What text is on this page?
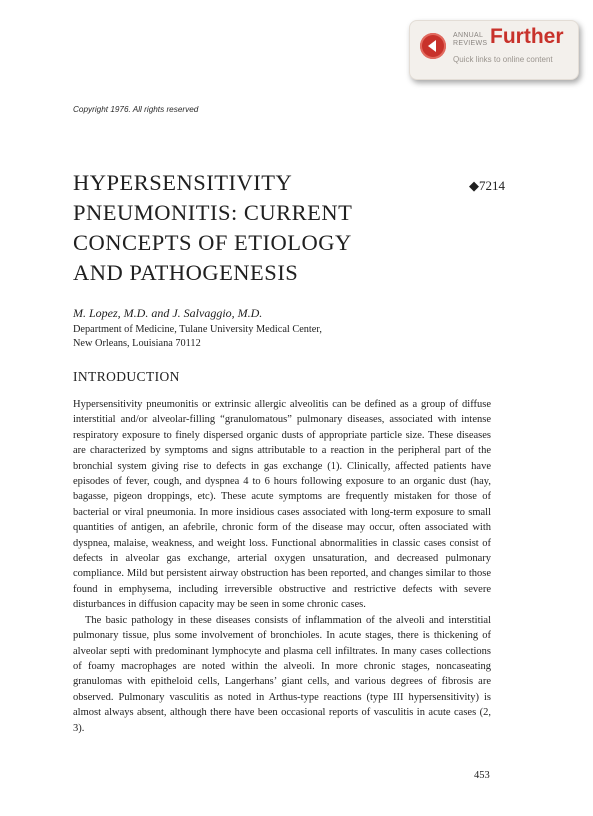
ANNUAL
REVIEWS Further
Quick links to online content
Copyright 1976. All rights reserved
HYPERSENSITIVITY
PNEUMONITIS: CURRENT
CONCEPTS OF ETIOLOGY
AND PATHOGENESIS
◆7214
M. Lopez, M.D. and J. Salvaggio, M.D.
Department of Medicine, Tulane University Medical Center,
New Orleans, Louisiana 70112
INTRODUCTION

Hypersensitivity pneumonitis or extrinsic allergic alveolitis can be defined as a group of diffuse interstitial and/or alveolar-filling “granulomatous” pulmonary diseases, associated with intense respiratory exposure to finely dispersed organic dusts of appropriate particle size. These diseases are characterized by symptoms and signs attributable to a reaction in the peripheral part of the bronchial system giving rise to defects in gas exchange (1). Clinically, affected patients have episodes of fever, cough, and dyspnea 4 to 6 hours following exposure to an organic dust (hay, bagasse, pigeon droppings, etc). These acute symptoms are frequently mistaken for those of bacterial or viral pneumonia. In more insidious cases associated with long-term exposure to small quantities of antigen, an afebrile, chronic form of the disease may occur, often associated with dyspnea, malaise, weakness, and weight loss. Functional abnormalities in classic cases consist of defects in alveolar gas exchange, arterial oxygen unsaturation, and decreased pulmonary compliance. Mild but persistent airway obstruction has been reported, and changes similar to those found in emphysema, including irreversible obstructive and restrictive defects with severe disturbances in diffusion capacity may be seen in some chronic cases.

The basic pathology in these diseases consists of inflammation of the alveoli and interstitial pulmonary tissue, plus some involvement of bronchioles. In acute stages, there is thickening of alveolar septi with predominant lymphocyte and plasma cell infiltrates. In many cases collections of foamy macrophages are noted within the alveoli. In more chronic stages, noncaseating granulomas with epitheloid cells, Langerhans’ giant cells, and various degrees of fibrosis are observed. Pulmonary vasculitis as noted in Arthus-type reactions (type III hypersensitivity) is almost always absent, although there have been occasional reports of vasculitis in acute cases (2, 3).

453
